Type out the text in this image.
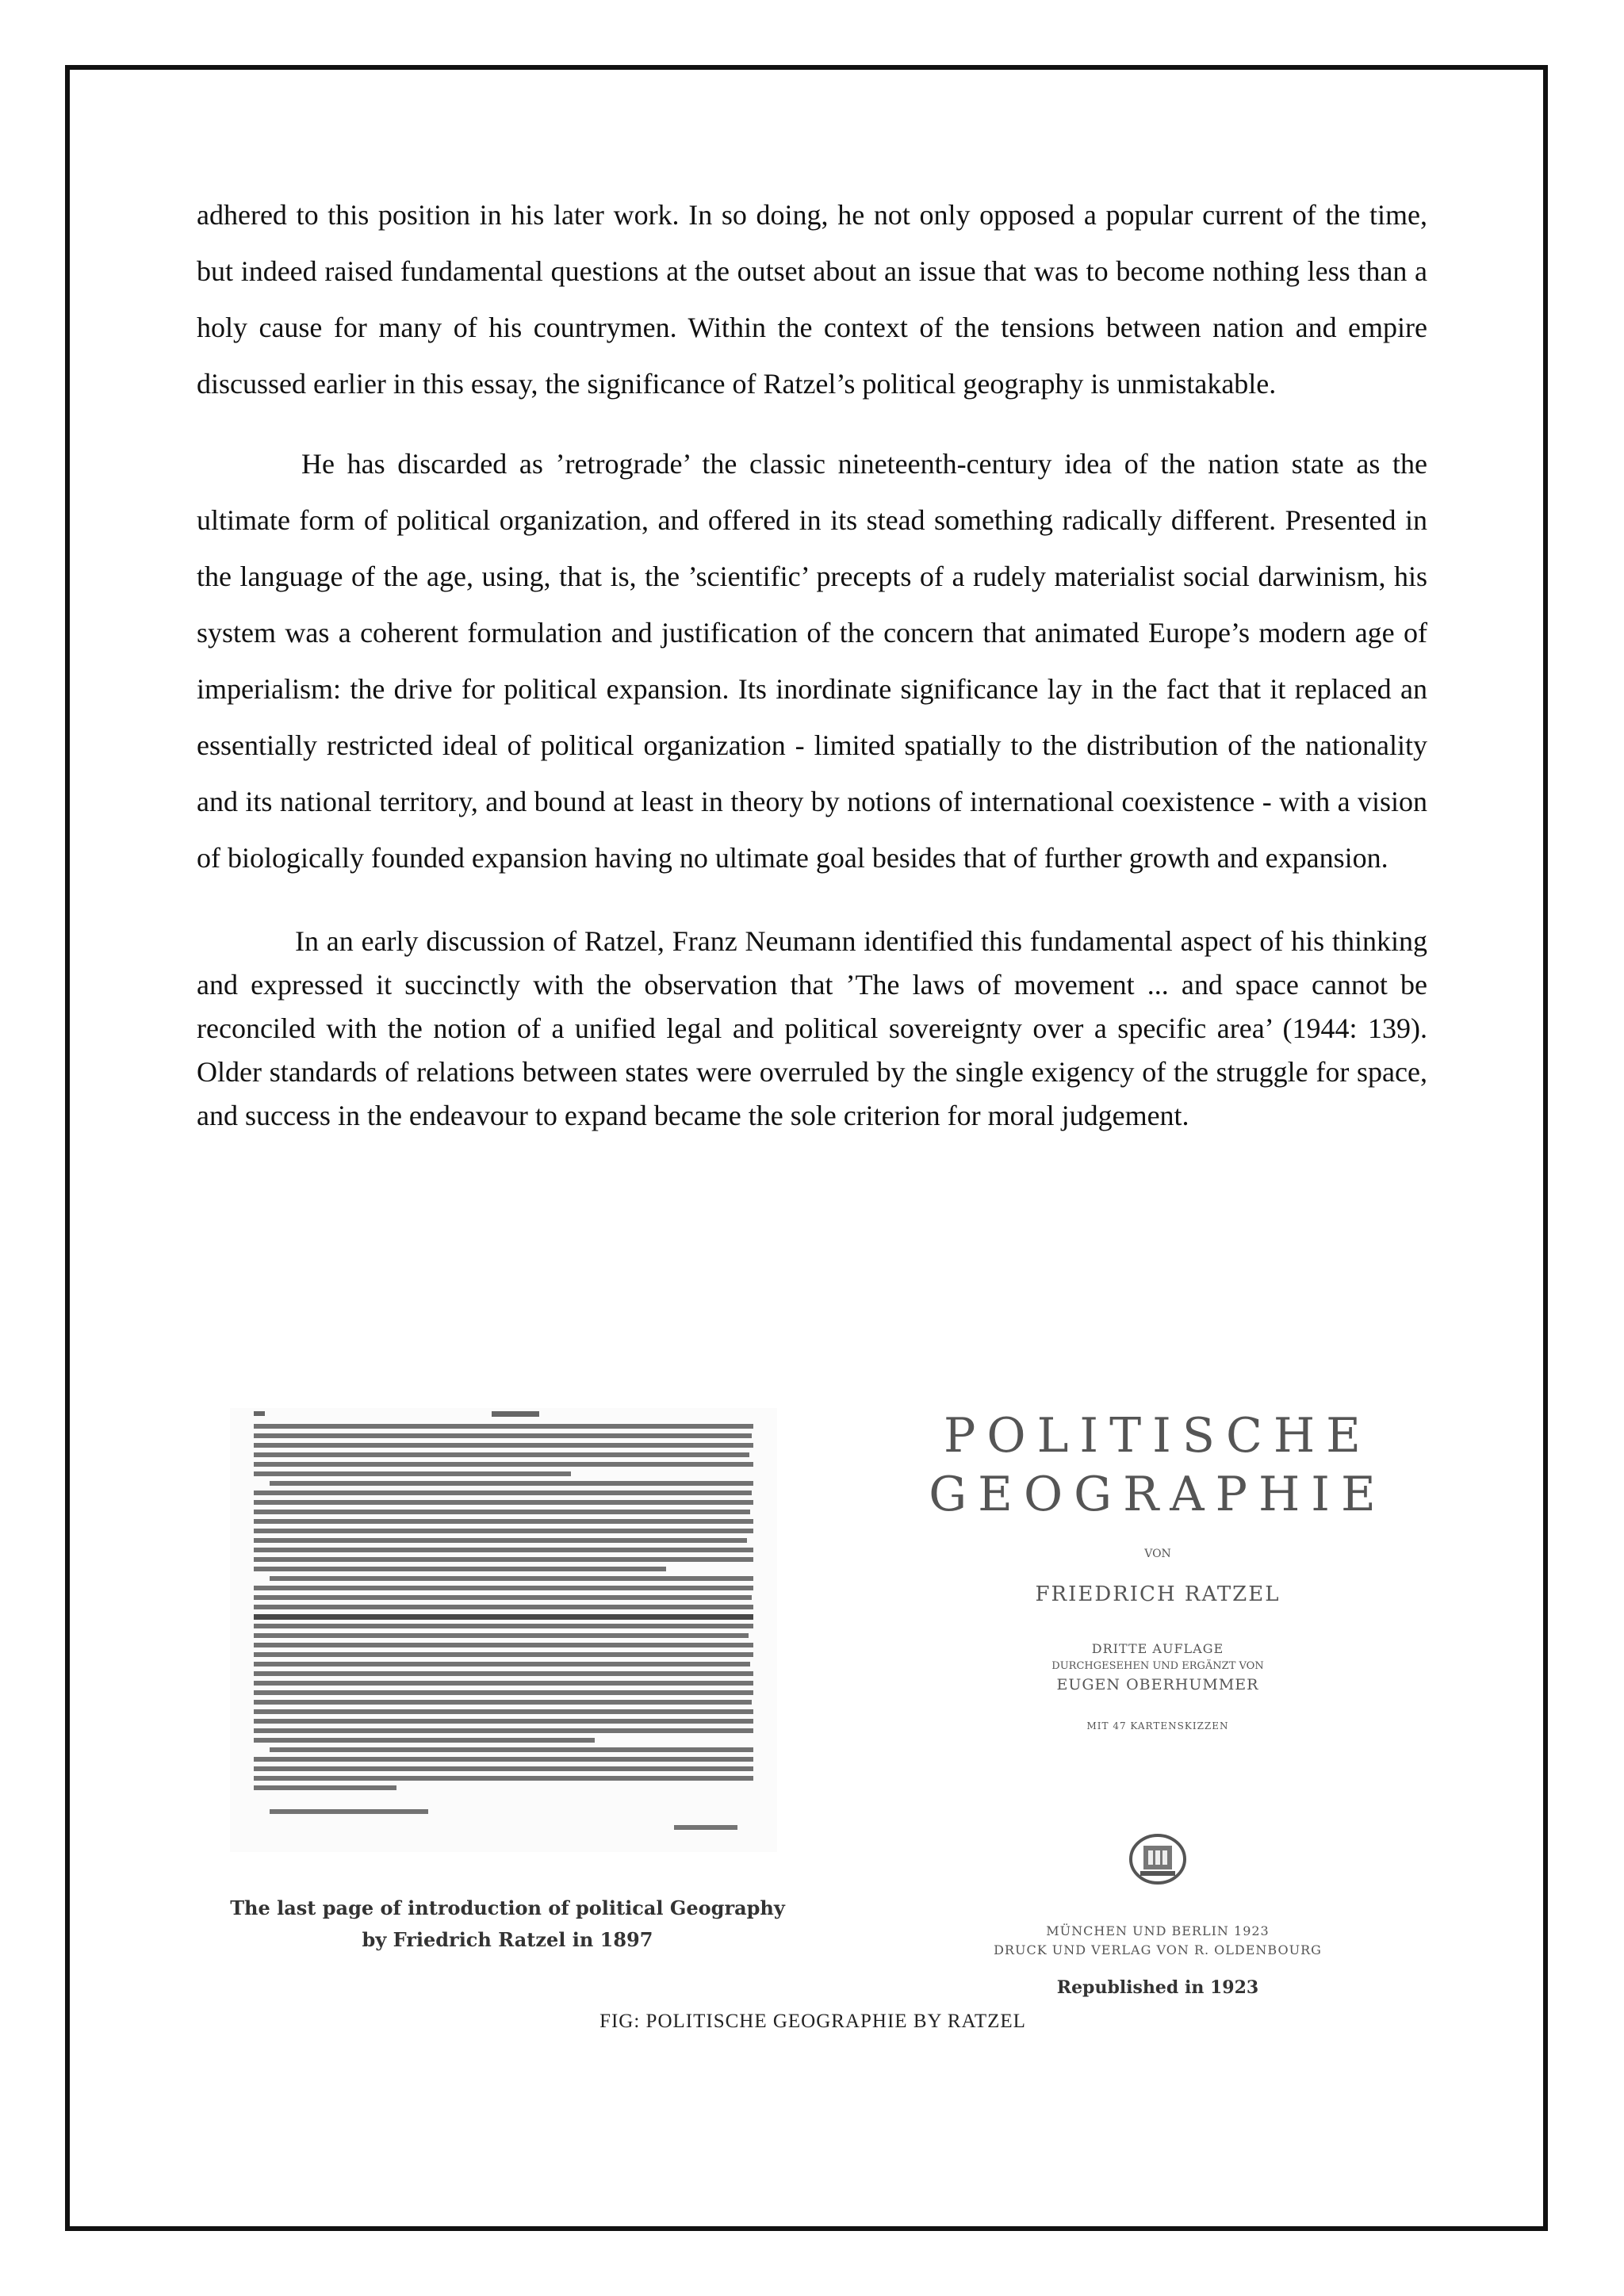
adhered to this position in his later work. In so doing, he not only opposed a popular current of the time, but indeed raised fundamental questions at the outset about an issue that was to become nothing less than a holy cause for many of his countrymen. Within the context of the tensions between nation and empire discussed earlier in this essay, the significance of Ratzel’s political geography is unmistakable.

He has discarded as ’retrograde’ the classic nineteenth-century idea of the nation state as the ultimate form of political organization, and offered in its stead something radically different. Presented in the language of the age, using, that is, the ’scientific’ precepts of a rudely materialist social darwinism, his system was a coherent formulation and justification of the concern that animated Europe’s modern age of imperialism: the drive for political expansion. Its inordinate significance lay in the fact that it replaced an essentially restricted ideal of political organization - limited spatially to the distribution of the nationality and its national territory, and bound at least in theory by notions of international coexistence - with a vision of biologically founded expansion having no ultimate goal besides that of further growth and expansion.

In an early discussion of Ratzel, Franz Neumann identified this fundamental aspect of his thinking and expressed it succinctly with the observation that ’The laws of movement ... and space cannot be reconciled with the notion of a unified legal and political sovereignty over a specific area’ (1944: 139). Older standards of relations between states were overruled by the single exigency of the struggle for space, and success in the endeavour to expand became the sole criterion for moral judgement.

The last page of introduction of political Geography
by Friedrich Ratzel in 1897
POLITISCHE
GEOGRAPHIE
VON
FRIEDRICH RATZEL
DRITTE AUFLAGE
DURCHGESEHEN UND ERGÄNZT VON
EUGEN OBERHUMMER
MIT 47 KARTENSKIZZEN
MÜNCHEN UND BERLIN 1923
DRUCK UND VERLAG VON R. OLDENBOURG
Republished in 1923
FIG: POLITISCHE GEOGRAPHIE BY RATZEL
